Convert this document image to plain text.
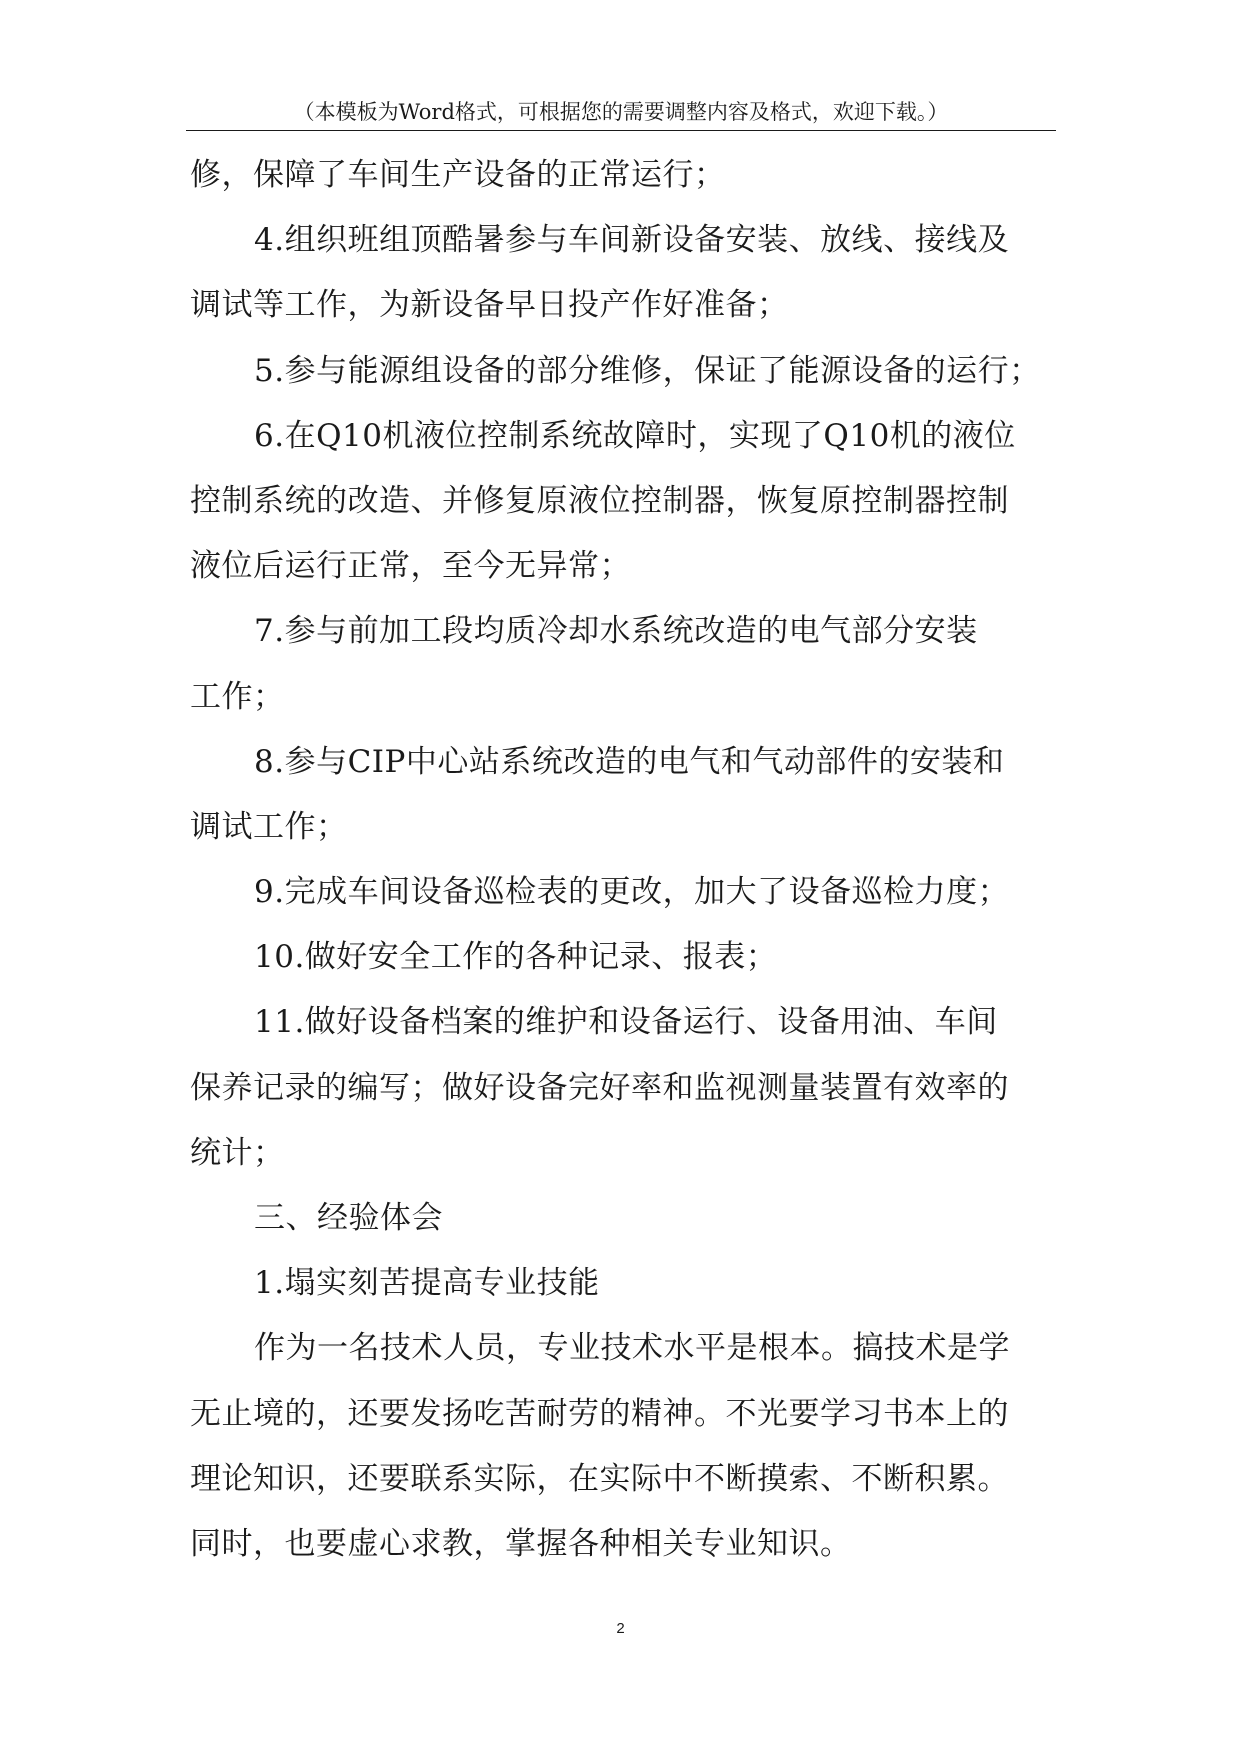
（本模板为Word格式，可根据您的需要调整内容及格式，欢迎下载。）
修，保障了车间生产设备的正常运行；
4.组织班组顶酷暑参与车间新设备安装、放线、接线及
调试等工作，为新设备早日投产作好准备；
5.参与能源组设备的部分维修，保证了能源设备的运行；
6.在Q10机液位控制系统故障时，实现了Q10机的液位
控制系统的改造、并修复原液位控制器，恢复原控制器控制
液位后运行正常，至今无异常；
7.参与前加工段均质冷却水系统改造的电气部分安装
工作；
8.参与CIP中心站系统改造的电气和气动部件的安装和
调试工作；
9.完成车间设备巡检表的更改，加大了设备巡检力度；
10.做好安全工作的各种记录、报表；
11.做好设备档案的维护和设备运行、设备用油、车间
保养记录的编写；做好设备完好率和监视测量装置有效率的
统计；
三、经验体会
1.塌实刻苦提高专业技能
作为一名技术人员，专业技术水平是根本。搞技术是学
无止境的，还要发扬吃苦耐劳的精神。不光要学习书本上的
理论知识，还要联系实际，在实际中不断摸索、不断积累。
同时，也要虚心求教，掌握各种相关专业知识。
2
